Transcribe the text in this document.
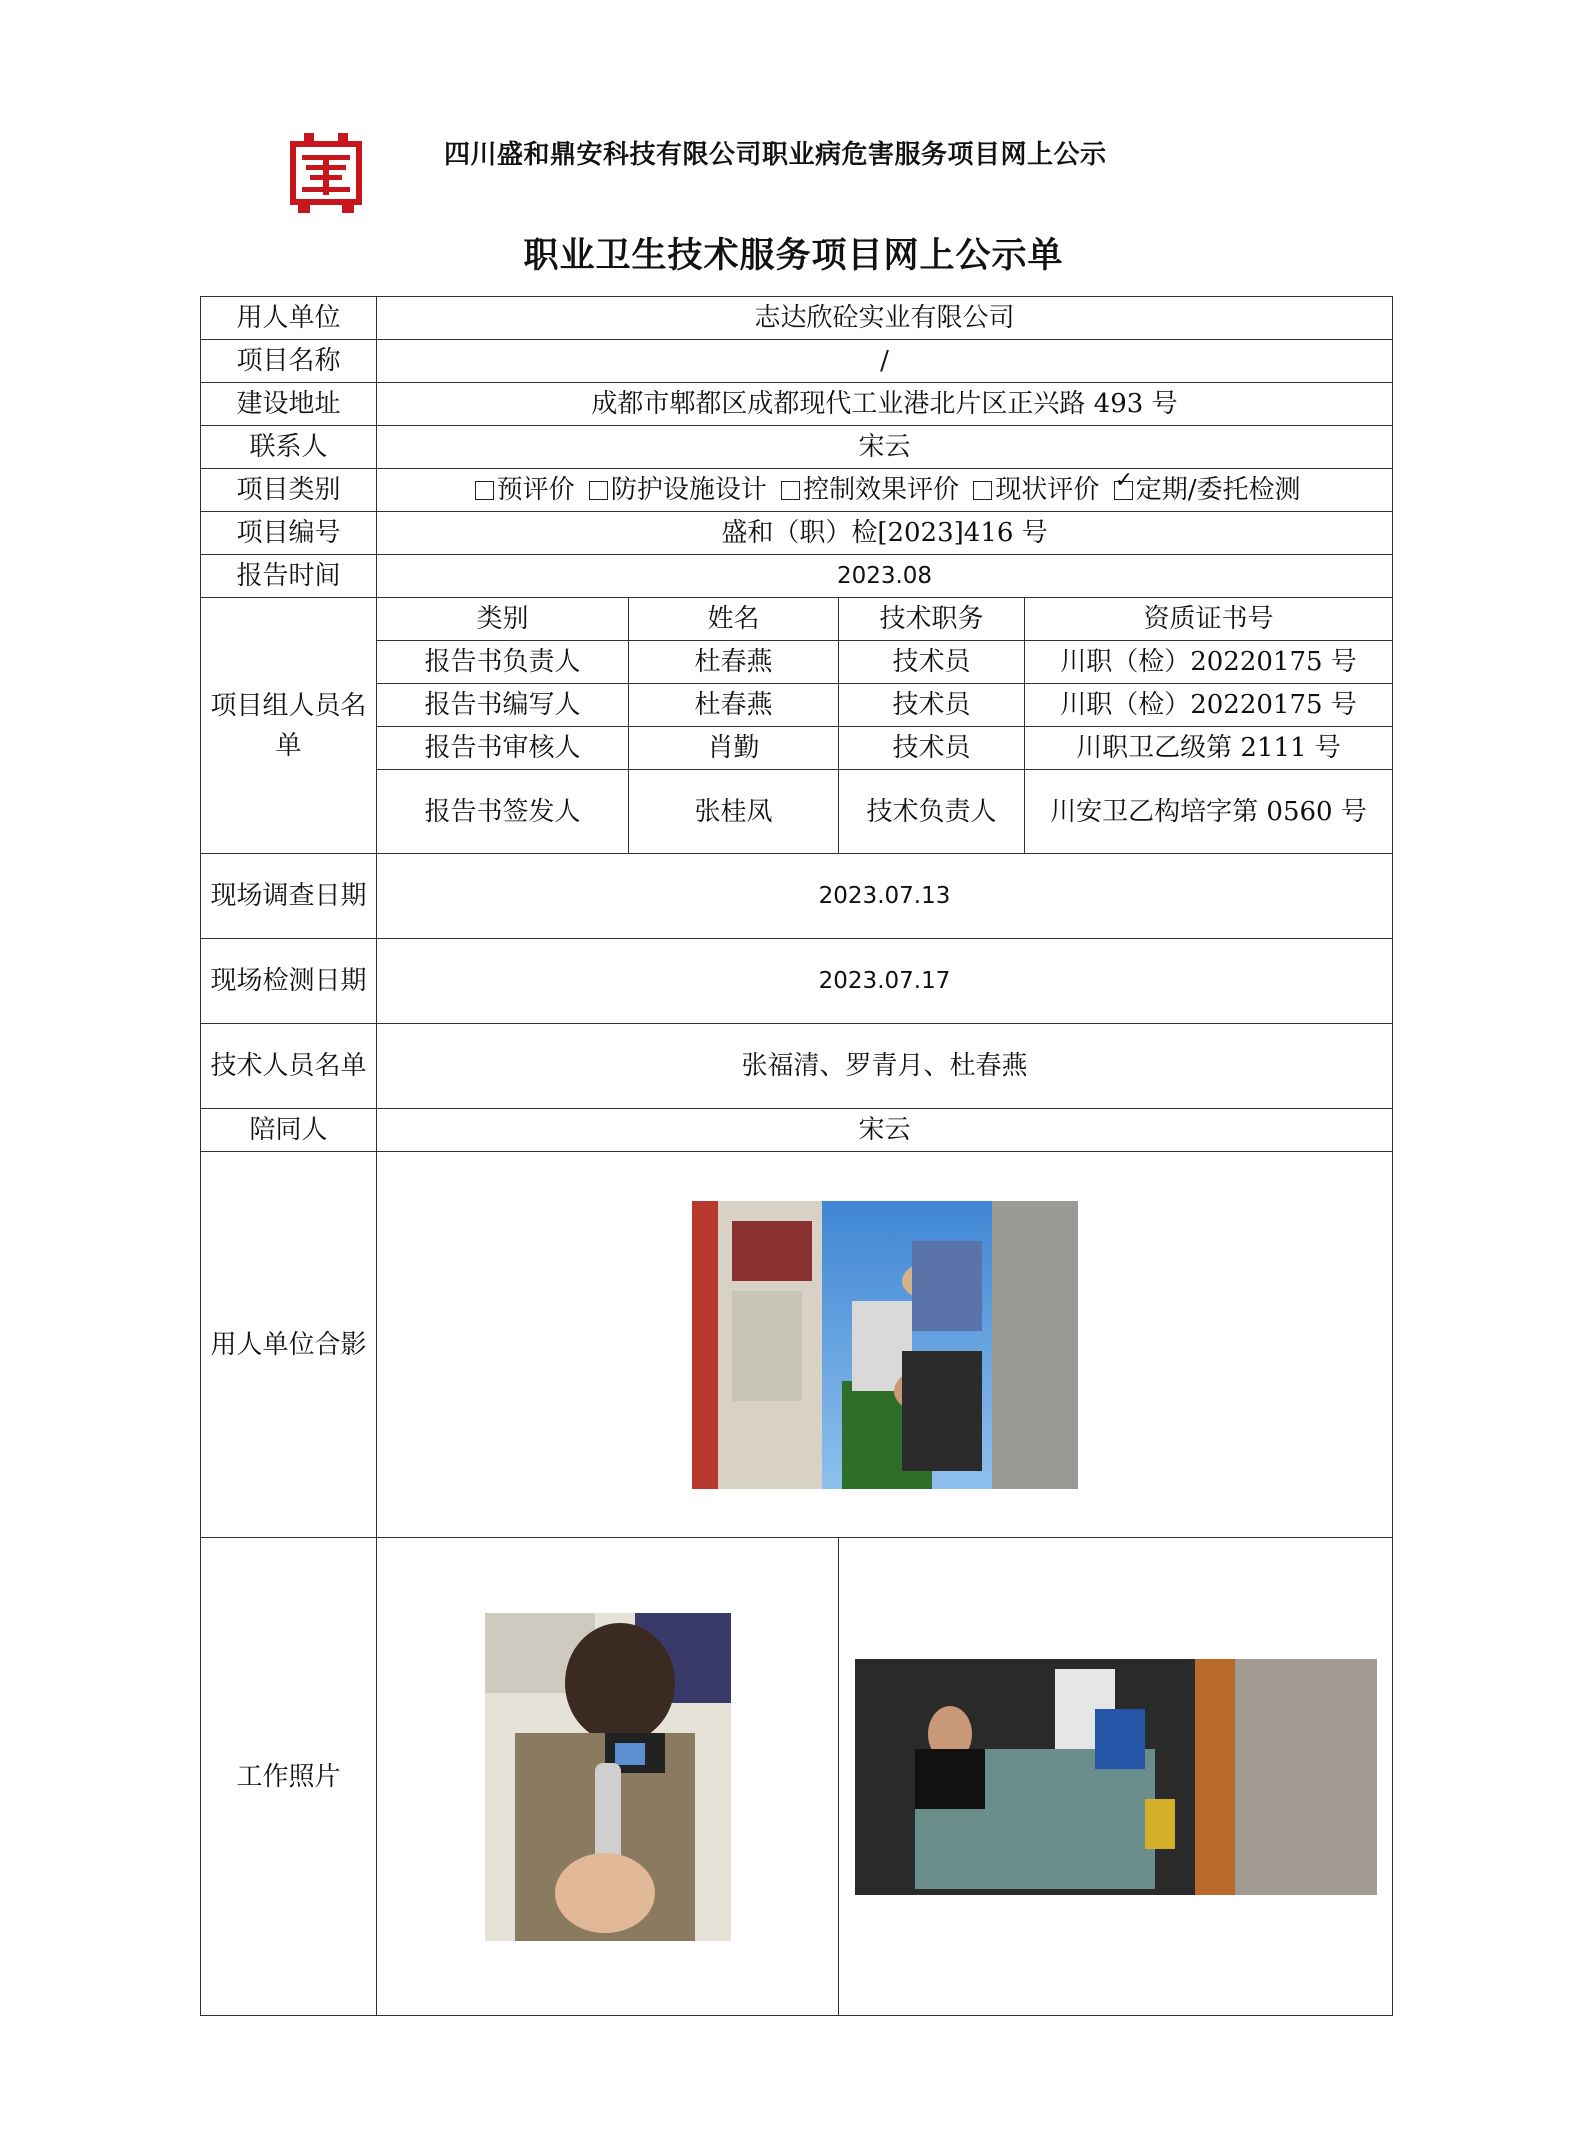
四川盛和鼎安科技有限公司职业病危害服务项目网上公示
职业卫生技术服务项目网上公示单
用人单位	志达欣砼实业有限公司			
项目名称	/			
建设地址	成都市郫都区成都现代工业港北片区正兴路 493 号			
联系人	宋云			
项目类别	预评价 防护设施设计 控制效果评价 现状评价 ✓ 定期/委托检测
项目编号	盛和（职）检[2023]416 号			
报告时间	2023.08			
项目组人员名单	类别	姓名	技术职务	资质证书号
	报告书负责人	杜春燕	技术员	川职（检）20220175 号
	报告书编写人	杜春燕	技术员	川职（检）20220175 号
	报告书审核人	肖勤	技术员	川职卫乙级第 2111 号
	报告书签发人	张桂凤	技术负责人	川安卫乙构培字第 0560 号
现场调查日期	2023.07.13			
现场检测日期	2023.07.17			
技术人员名单	张福清、罗青月、杜春燕			
陪同人	宋云			
用人单位合影	

工作照片	
